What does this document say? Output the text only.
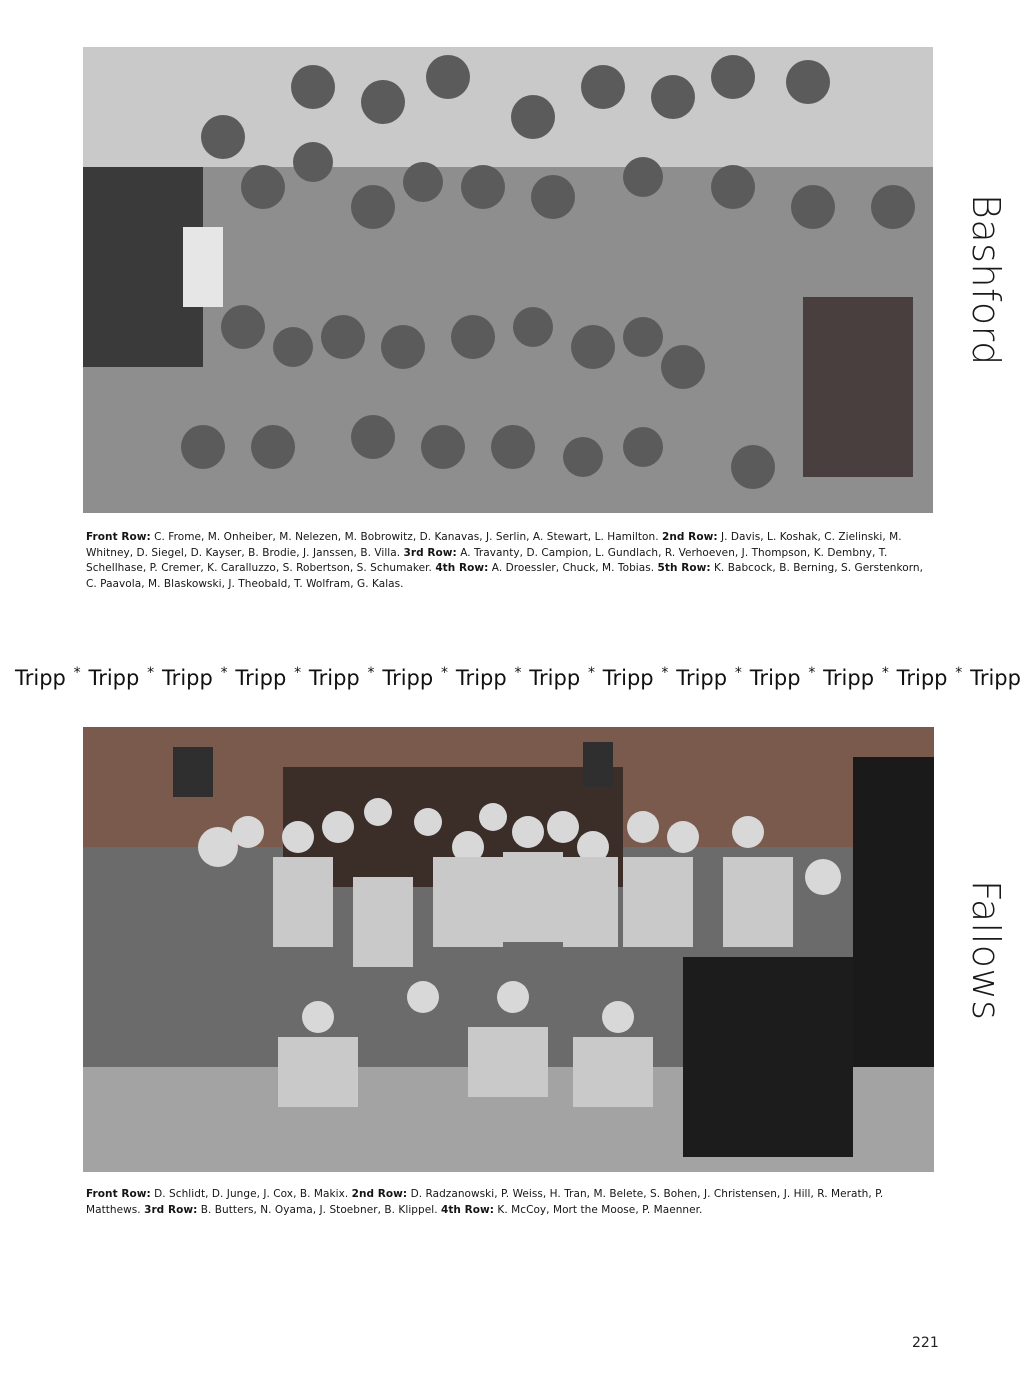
Front Row: C. Frome, M. Onheiber, M. Nelezen, M. Bobrowitz, D. Kanavas, J. Serlin, A. Stewart, L. Hamilton. 2nd Row: J. Davis, L. Koshak, C. Zielinski, M. Whitney, D. Siegel, D. Kayser, B. Brodie, J. Janssen, B. Villa. 3rd Row: A. Travanty, D. Campion, L. Gundlach, R. Verhoeven, J. Thompson, K. Dembny, T. Schellhase, P. Cremer, K. Caralluzzo, S. Robertson, S. Schumaker. 4th Row: A. Droessler, Chuck, M. Tobias. 5th Row: K. Babcock, B. Berning, S. Gerstenkorn, C. Paavola, M. Blaskowski, J. Theobald, T. Wolfram, G. Kalas.
Bashford
Tripp * Tripp * Tripp * Tripp * Tripp * Tripp * Tripp * Tripp * Tripp * Tripp * Tripp * Tripp * Tripp * Tripp
Front Row: D. Schlidt, D. Junge, J. Cox, B. Makix. 2nd Row: D. Radzanowski, P. Weiss, H. Tran, M. Belete, S. Bohen, J. Christensen, J. Hill, R. Merath, P. Matthews. 3rd Row: B. Butters, N. Oyama, J. Stoebner, B. Klippel. 4th Row: K. McCoy, Mort the Moose, P. Maenner.
Fallows
221
